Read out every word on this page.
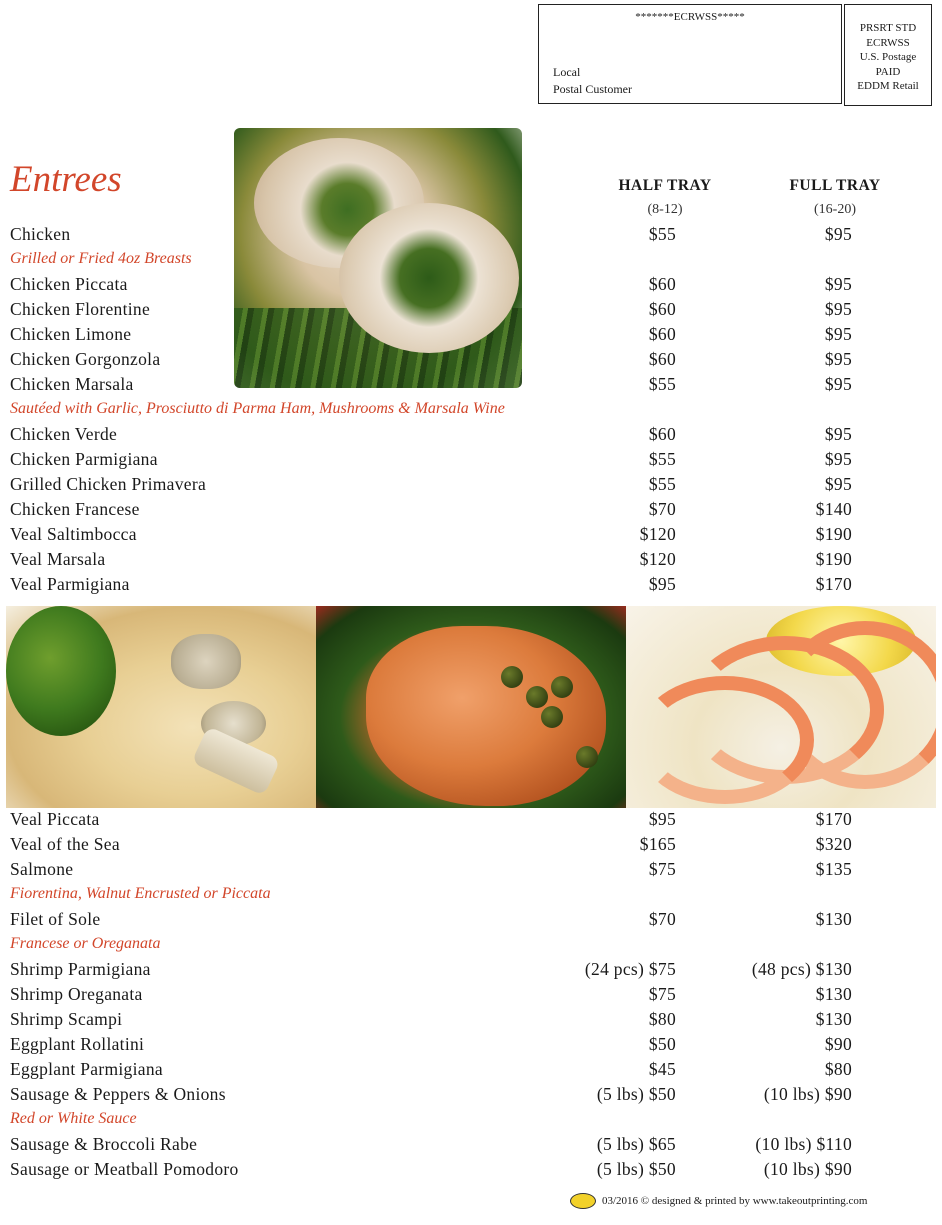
*******ECRWSS*****
Local
Postal Customer
PRSRT STD
ECRWSS
U.S. Postage
PAID
EDDM Retail
Entrees	HALF TRAY	FULL TRAY
(8-12)	(16-20)
Chicken	$55	$95
Grilled or Fried 4oz Breasts
Chicken Piccata	$60	$95
Chicken Florentine	$60	$95
Chicken Limone	$60	$95
Chicken Gorgonzola	$60	$95
Chicken Marsala	$55	$95
Sautéed with Garlic, Prosciutto di Parma Ham, Mushrooms & Marsala Wine
Chicken Verde	$60	$95
Chicken Parmigiana	$55	$95
Grilled Chicken Primavera	$55	$95
Chicken Francese	$70	$140
Veal Saltimbocca	$120	$190
Veal Marsala	$120	$190
Veal Parmigiana	$95	$170
Veal Piccata	$95	$170
Veal of the Sea	$165	$320
Salmone	$75	$135
Fiorentina, Walnut Encrusted or Piccata
Filet of Sole	$70	$130
Francese or Oreganata
Shrimp Parmigiana	(24 pcs) $75	(48 pcs) $130
Shrimp Oreganata	$75	$130
Shrimp Scampi	$80	$130
Eggplant Rollatini	$50	$90
Eggplant Parmigiana	$45	$80
Sausage & Peppers & Onions	(5 lbs) $50	(10 lbs) $90
Red or White Sauce
Sausage & Broccoli Rabe	(5 lbs) $65	(10 lbs) $110
Sausage or Meatball Pomodoro	(5 lbs) $50	(10 lbs) $90
03/2016 © designed & printed by www.takeoutprinting.com
